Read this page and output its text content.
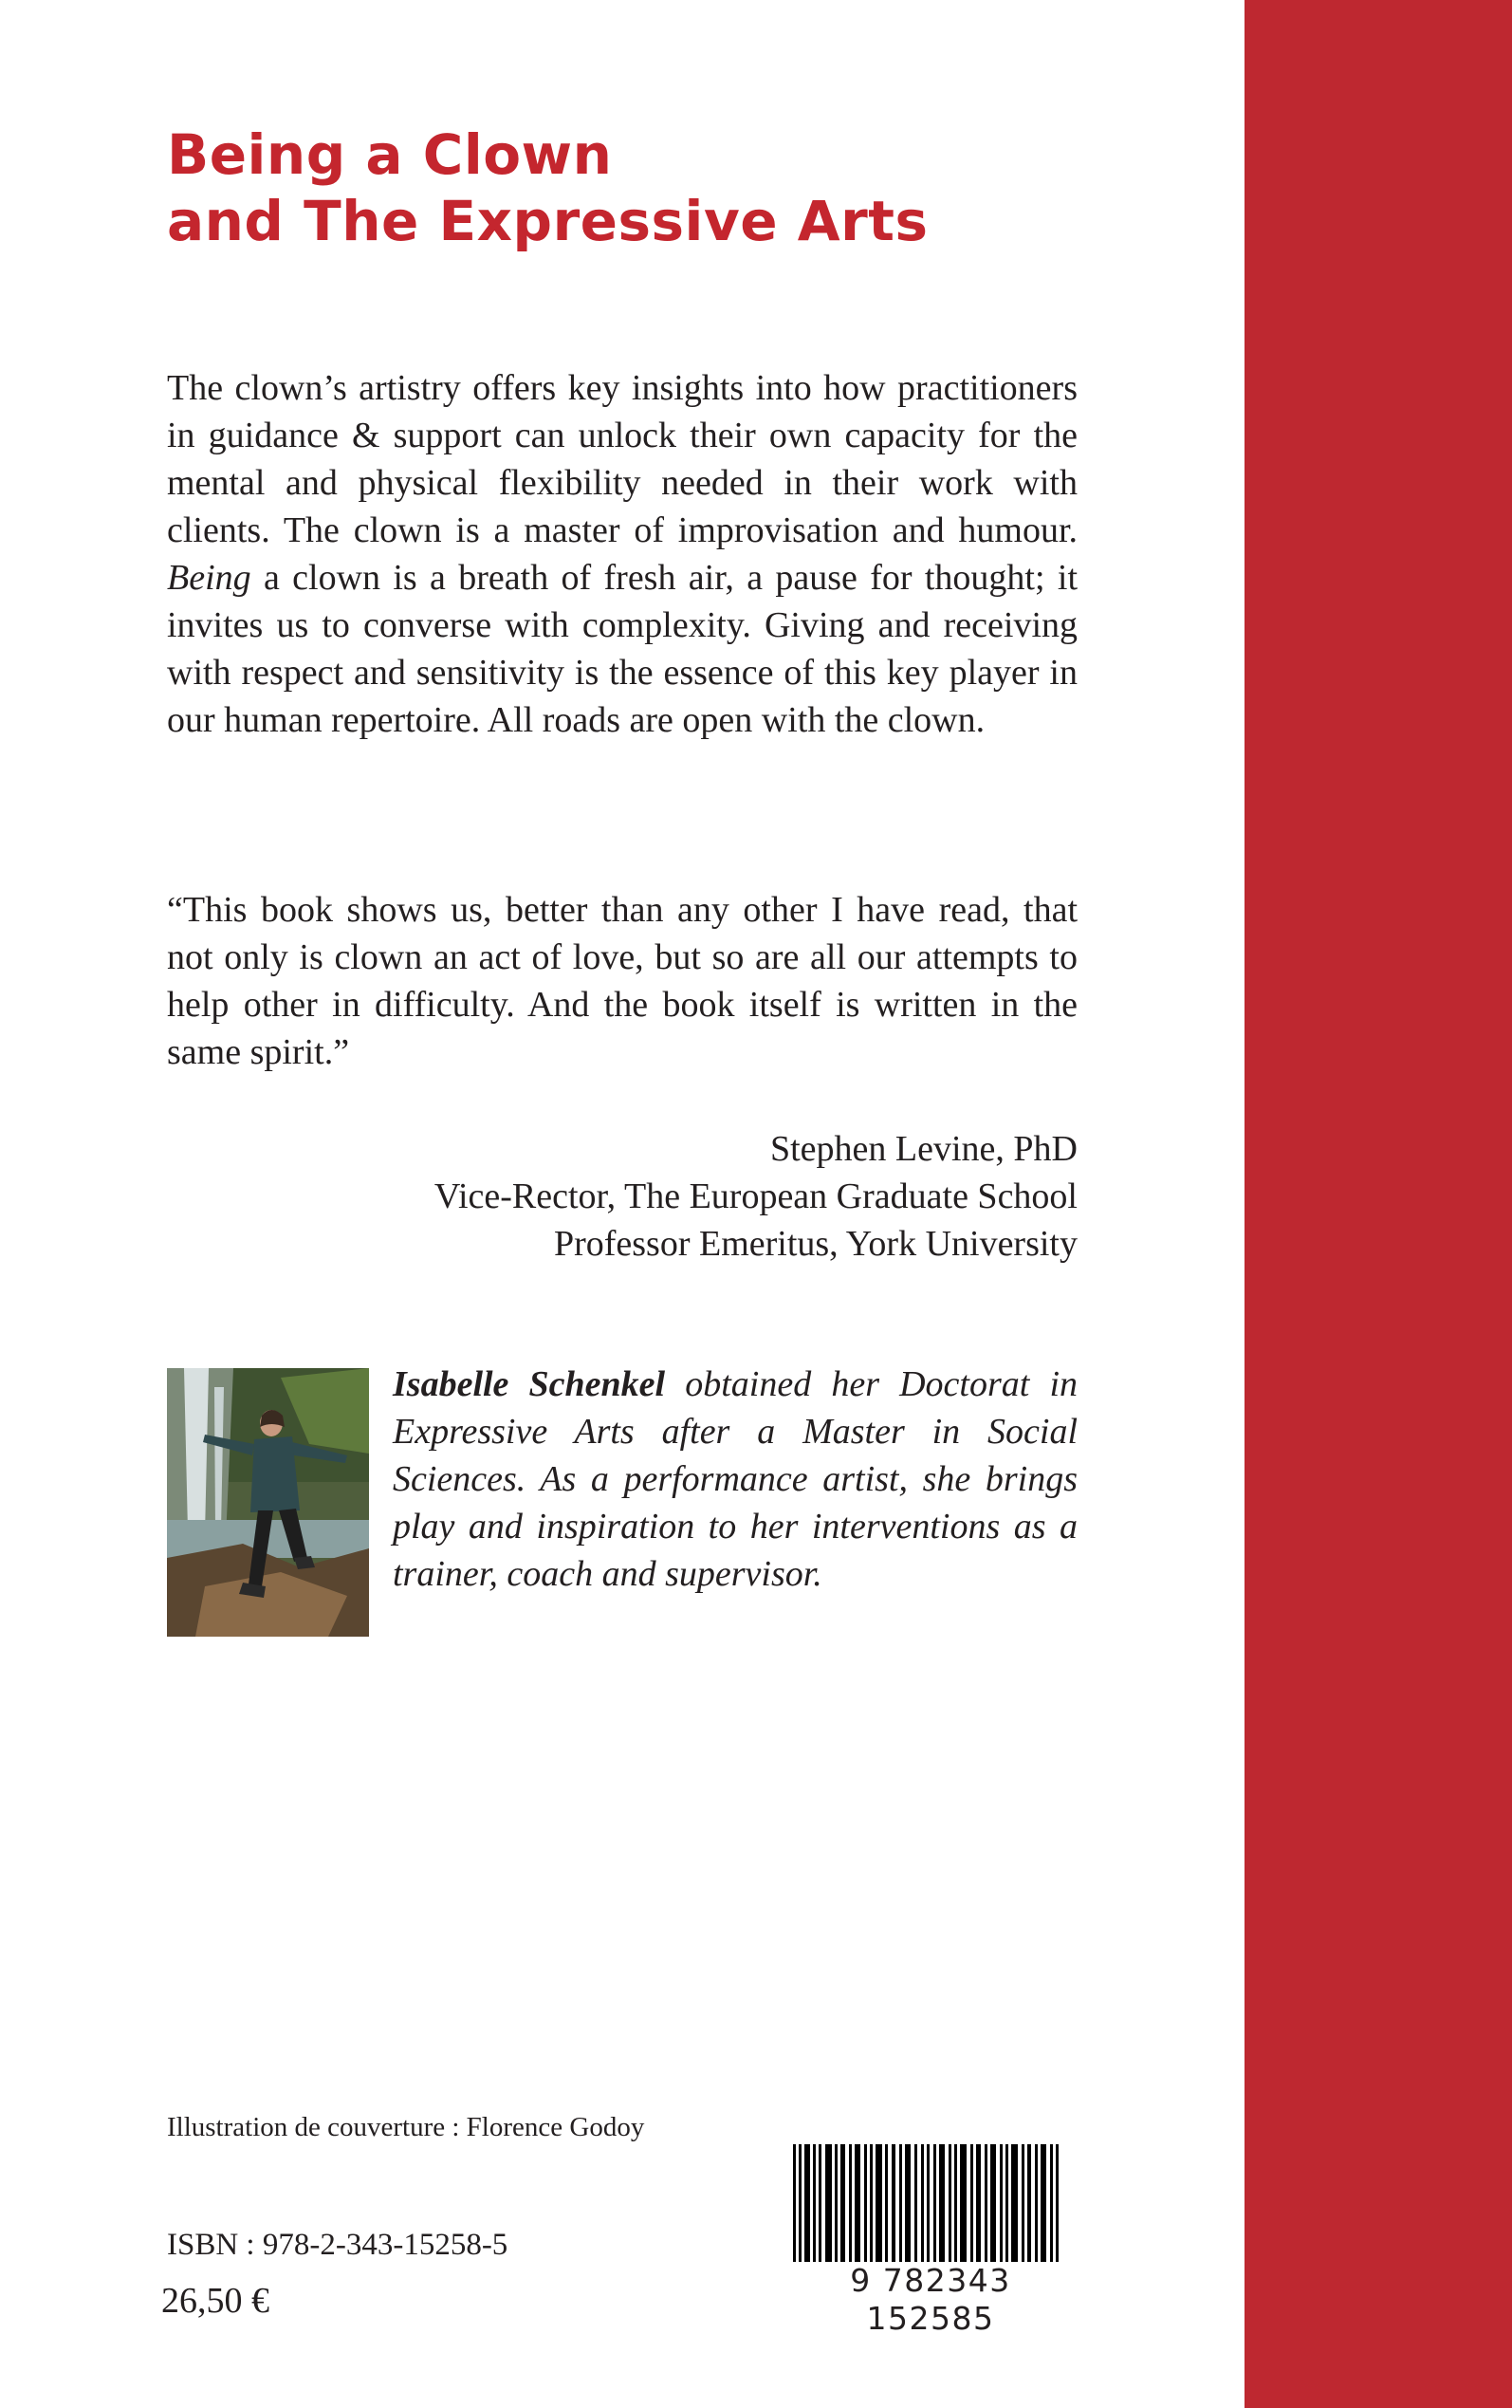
Being a Clown
and The Expressive Arts
The clown’s artistry offers key insights into how practitioners in guidance & support can unlock their own capacity for the mental and physical flexibility needed in their work with clients. The clown is a master of improvisation and humour. Being a clown is a breath of fresh air, a pause for thought; it invites us to converse with complexity. Giving and receiving with respect and sensitivity is the essence of this key player in our human repertoire. All roads are open with the clown.
“This book shows us, better than any other I have read, that not only is clown an act of love, but so are all our attempts to help other in difficulty. And the book itself is written in the same spirit.”
Stephen Levine, PhD
Vice-Rector, The European Graduate School
Professor Emeritus, York University
Isabelle Schenkel obtained her Doctorat in Expressive Arts after a Master in Social Sciences. As a performance artist, she brings play and inspiration to her interventions as a trainer, coach and supervisor.
Illustration de couverture : Florence Godoy
ISBN : 978-2-343-15258-5
26,50 €
9 782343 152585
